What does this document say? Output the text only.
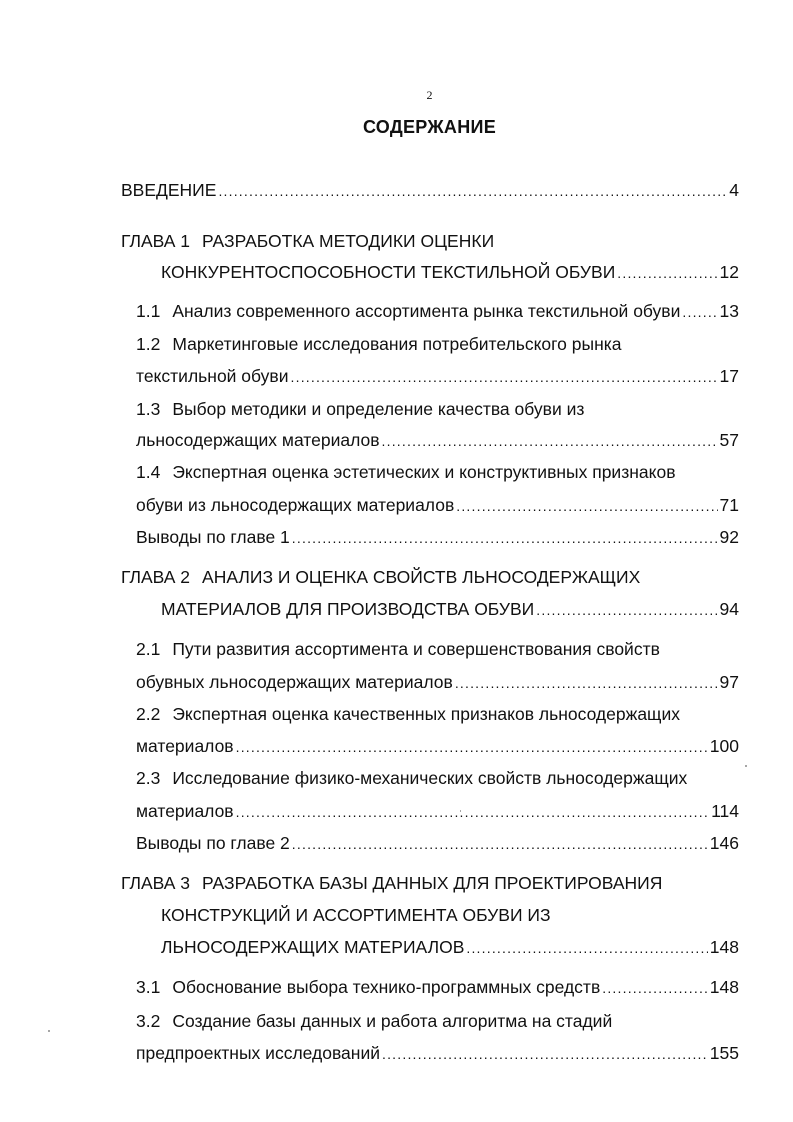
2
СОДЕРЖАНИЕ
ВВЕДЕНИЕ .....	4
ГЛАВА 1 РАЗРАБОТКА МЕТОДИКИ ОЦЕНКИ
КОНКУРЕНТОСПОСОБНОСТИ ТЕКСТИЛЬНОЙ ОБУВИ .....	12
1.1 Анализ современного ассортимента рынка текстильной обуви ..... 13
1.2 Маркетинговые исследования потребительского рынка
текстильной обуви .....	17
1.3 Выбор методики и определение качества обуви из
льносодержащих материалов .....	57
1.4 Экспертная оценка эстетических и конструктивных признаков
обуви из льносодержащих материалов .....	71
Выводы по главе 1 .....	92
ГЛАВА 2 АНАЛИЗ И ОЦЕНКА СВОЙСТВ ЛЬНОСОДЕРЖАЩИХ
МАТЕРИАЛОВ ДЛЯ ПРОИЗВОДСТВА ОБУВИ .....	94
2.1 Пути развития ассортимента и совершенствования свойств
обувных льносодержащих материалов .....	97
2.2 Экспертная оценка качественных признаков льносодержащих
материалов .....	100
2.3 Исследование физико-механических свойств льносодержащих
материалов .....	114
Выводы по главе 2 .....	146
ГЛАВА 3 РАЗРАБОТКА БАЗЫ ДАННЫХ ДЛЯ ПРОЕКТИРОВАНИЯ
КОНСТРУКЦИЙ И АССОРТИМЕНТА ОБУВИ ИЗ
ЛЬНОСОДЕРЖАЩИХ МАТЕРИАЛОВ .....	148
3.1 Обоснование выбора технико-программных средств .....	148
3.2 Создание базы данных и работа алгоритма на стадий
предпроектных исследований .....	155
